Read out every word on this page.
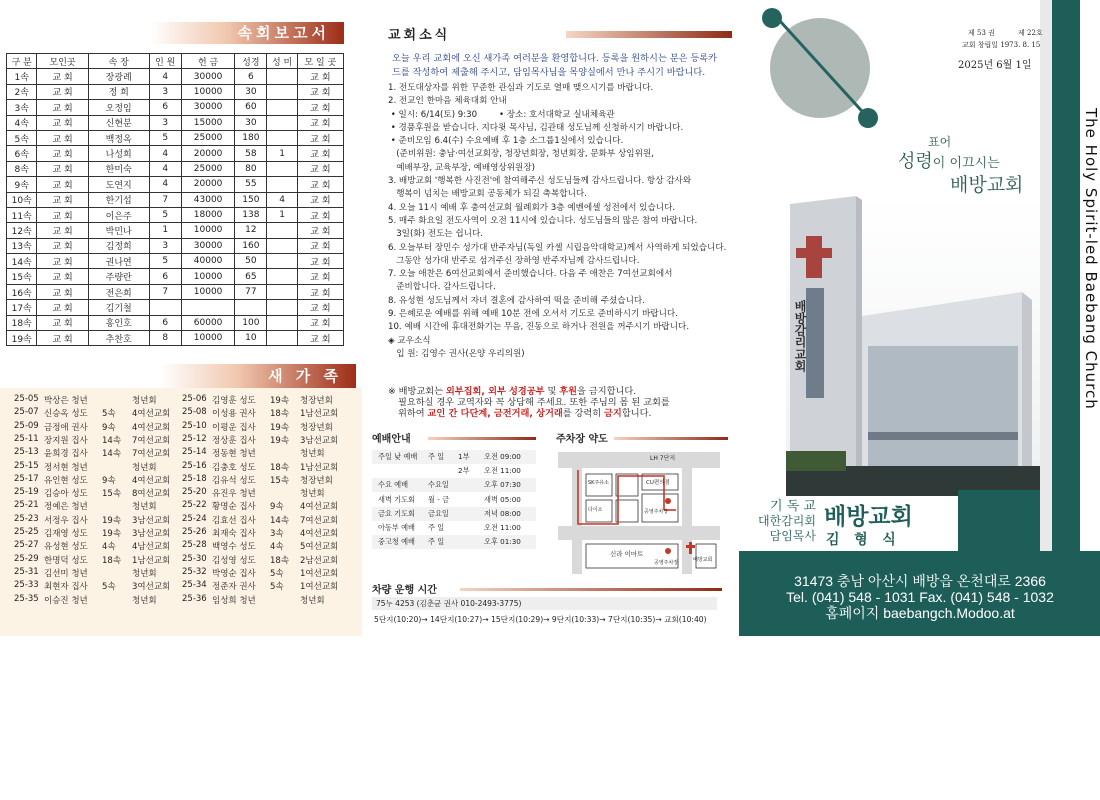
속회보고서
구 분	모인곳	속 장	인 원	헌 금	성경	성 미	모 일 곳
1속	교 회	장광례	4	30000	6		교 회
2속	교 회	정 희	3	10000	30		교 회
3속	교 회	오정임	6	30000	60		교 회
4속	교 회	신현분	3	15000	30		교 회
5속	교 회	백정옥	5	25000	180		교 회
6속	교 회	나성희	4	20000	58	1	교 회
8속	교 회	한미숙	4	25000	80		교 회
9속	교 회	도연지	4	20000	55		교 회
10속	교 회	한기섭	7	43000	150	4	교 회
11속	교 회	이은주	5	18000	138	1	교 회
12속	교 회	박민나	1	10000	12		교 회
13속	교 회	김정희	3	30000	160		교 회
14속	교 회	권나연	5	40000	50		교 회
15속	교 회	주량란	6	10000	65		교 회
16속	교 회	전은희	7	10000	77		교 회
17속	교 회	김기철					교 회
18속	교 회	홍인호	6	60000	100		교 회
19속	교 회	추찬호	8	10000	10		교 회
새 가 족
25-05 박상은 청년	청년회	25-06 김영훈 성도 19속 청장년회
25-07 신승옥 성도 5속 4여선교회 25-08 이성용 권사 18속 1남선교회
25-09 금정애 권사 9속 4여선교회 25-10 이평운 집사 19속 청장년회
25-11 장지원 집사 14속 7여선교회 25-12 정상훈 집사 19속 3남선교회
25-13 윤희경 집사 14속 7여선교회 25-14 정동현 청년	청년회
25-15 정서현 청년	청년회	25-16 김충호 성도 18속 1남선교회
25-17 유인현 성도 9속 4여선교회 25-18 김유석 성도 15속 청장년회
25-19 김승아 성도 15속 8여선교회 25-20 유진우 청년	청년회
25-21 정예은 청년	청년회	25-22 황명순 집사 9속 4여선교회
25-23 서정우 집사 19속 3남선교회 25-24 김효선 집사 14속 7여선교회
25-25 김재영 성도 19속 3남선교회 25-26 최재숙 집사 3속 4여선교회
25-27 유성현 성도 4속 4남선교회 25-28 백영수 성도 4속 5여선교회
25-29 한명덕 성도 18속 1남선교회 25-30 김성영 성도 18속 2남선교회
25-31 김선미 청년	청년회	25-32 박영순 집사 5속 1여선교회
25-33 최현자 집사 5속 3여선교회 25-34 정준자 권사 5속 1여선교회
25-35 이승진 청년	청년회	25-36 임성희 청년	청년회
교회소식
오늘 우리 교회에 오신 새가족 여러분을 환영합니다. 등록을 원하시는 분은 등록카드를 작성하여 제출해 주시고, 담임목사님을 목양실에서 만나 주시기 바랍니다.
1. 전도대상자를 위한 꾸준한 관심과 기도로 열매 맺으시기를 바랍니다.
2. 전교인 한마음 체육대회 안내
• 일시: 6/14(토) 9:30        • 장소: 호서대학교 실내체육관
• 경품후원을 받습니다. 지다윗 목사님, 김관태 성도님께 신청하시기 바랍니다.
• 준비모임 6.4(수) 수요예배 후 1층 소그룹1실에서 있습니다.
(준비위원: 충남·여선교회장, 청장년회장, 청년회장, 문화부 상임위원,
예배부장, 교육부장, 예배영상위원장)
3. 배방교회 '행복한 사진전'에 참여해주신 성도님들께 감사드립니다. 항상 감사와
행복이 넘치는 배방교회 공동체가 되길 축복합니다.
4. 오늘 11시 예배 후 충여선교회 월례회가 3층 예벤에셀 성전에서 있습니다.
5. 매주 화요일 전도사역이 오전 11시에 있습니다. 성도님들의 많은 참여 바랍니다.
3일(화) 전도는 쉽니다.
6. 오늘부터 장민수 성가대 반주자님(독일 카셀 시립음악대학교)께서 사역하게 되었습니다.
그동안 성가대 반주로 섬겨주신 장하영 반주자님께 감사드립니다.
7. 오늘 애찬은 6여선교회에서 준비했습니다. 다음 주 애찬은 7여선교회에서
준비합니다. 감사드립니다.
8. 유성현 성도님께서 자녀 결혼에 감사하여 떡을 준비해 주셨습니다.
9. 은혜로운 예배를 위해 예배 10분 전에 오셔서 기도로 준비하시기 바랍니다.
10. 예배 시간에 휴대전화기는 무음, 진동으로 하거나 전원을 꺼주시기 바랍니다.
◈ 교우소식
입 원: 김영수 권사(온양 우리의원)
※ 배방교회는 외부집회, 외부 성경공부 및 후원을 금지합니다.
필요하실 경우 교역자와 꼭 상담해 주세요. 또한 주님의 몸 된 교회를
위하여 교인 간 다단계, 금전거래, 상거래를 강력히 금지합니다.
예배안내
주일 낮 예배 주 일 1부 오전 09:00
2부 오전 11:00
수요 예배	수요일	오후 07:30
새벽 기도회 월 - 금	새벽 05:00
금요 기도회 금요일	저녁 08:00
아동부 예배 주 일	오전 11:00
중고청 예배 주 일	오후 01:30
주차장 약도
LH 7단지
SK주유소
다이소
CU편의점
공영주차장
신라 이마트
공영주차장	배방교회
차량 운행 시간
75누 4253 (김춘균 권사 010-2493-3775)
5단지(10:20)→ 14단지(10:27)→ 15단지(10:29)→ 9단지(10:33)→ 7단지(10:35)→ 교회(10:40)
The Holy Spirit-led Baebang Church
제 53 권	제 22호
교회 창립일 1973. 8. 15
2025년 6월 1일
표어
성령이 이끄시는
배방교회
배방감리교회
기 독 교
대한감리회
담임목사
배방교회
김   형   식
31473 충남 아산시 배방읍 온천대로 2366
Tel. (041) 548 - 1031 Fax. (041) 548 - 1032
홈페이지 baebangch.Modoo.at
